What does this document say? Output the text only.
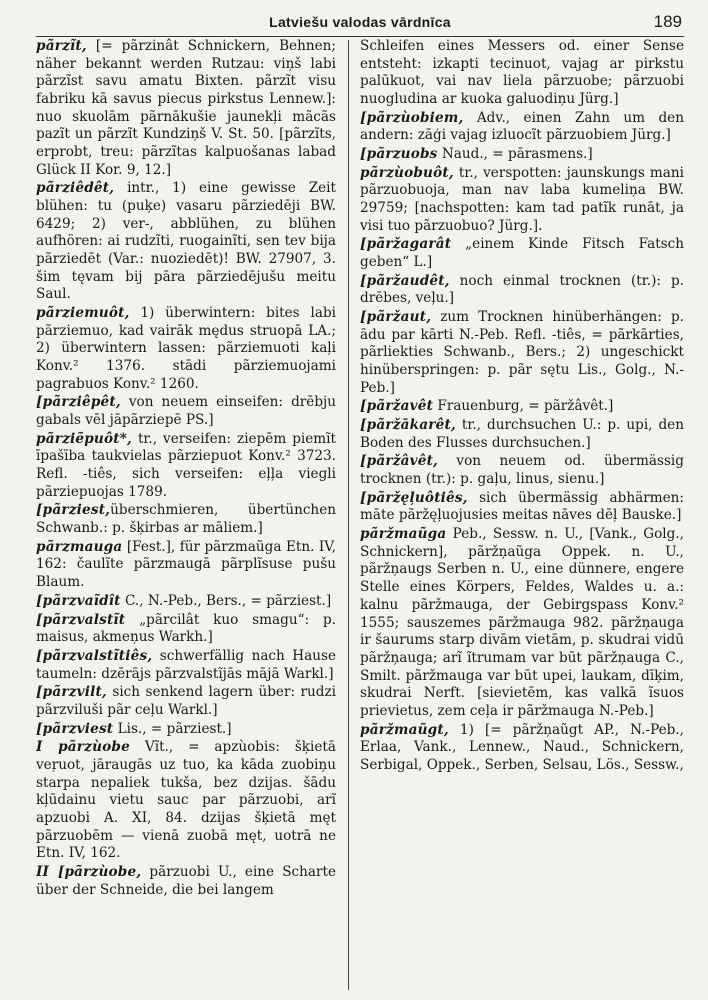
Latviešu valodas vārdnīca	189

pãrzĩt, [= pãrzinât Schnickern, Behnen; näher bekannt werden Rutzau: viņš labi pãrzĩst savu amatu Bixten. pãrzĩt visu fabriku kā savus piecus pirkstus Lennew.]: nuo skuolām pãrnākušie jaunekļi mãcãs pazĩt un pãrzĩt Kundziņš V. St. 50. [pãrzĩts, erprobt, treu: pãrzĩtas kalpuošanas labad Glück II Kor. 9, 12.]

pãrziêdêt, intr., 1) eine gewisse Zeit blühen: tu (puķe) vasaru pãrziedēji BW. 6429; 2) ver-, abblühen, zu blühen aufhören: ai rudzĩti, ruogainĩti, sen tev bija pãrziedēt (Var.: nuoziedēt)! BW. 27907, 3. šim tęvam bij pāra pãrziedējušu meitu Saul.

pãrziemuôt, 1) überwintern: bites labi pãrziemuo, kad vairāk mędus struopā LA.; 2) überwintern lassen: pãrziemuoti kaļi Konv.² 1376. stādi pãrziemuojami pagrabuos Konv.² 1260.

[pãrziêpêt, von neuem einseifen: drēbju gabals vēl jāpãrziepē PS.]

pãrziẽpuôt*, tr., verseifen: ziepēm piemĩt īpašība taukvielas pãrziepuot Konv.² 3723. Refl. -tiês, sich verseifen: eļļa viegli pãrziepuojas 1789.

[pãrziest,überschmieren, übertünchen Schwanb.: p. šķirbas ar māliem.]

pãrzmauga [Fest.], für pãrzmaũga Etn. IV, 162: čaulĩte pãrzmaugā pãrplĩsuse pušu Blaum.

[pãrzvaĩdît C., N.-Peb., Bers., = pãrziest.]

[pãrzvalstĩt „pãrcilât kuo smagu“: p. maisus, akmeņus Warkh.]

[pãrzvalstĩtiês, schwerfällig nach Hause taumeln: dzērājs pãrzvalstĩjās mājā Warkl.]

[pãrzvilt, sich senkend lagern über: rudzi pãrzviluši pãr ceļu Warkl.]

[pãrzviest Lis., = pãrziest.]

I pãrzùobe Vĩt., = apzùobis: šķietā veŗuot, jāraugās uz tuo, ka kāda zuobiņu starpa nepaliek tukša, bez dzijas. šādu kļūdainu vietu sauc par pãrzuobi, arĩ apzuobi A. XI, 84. dzijas šķietā męt pãrzuobēm — vienā zuobā męt, uotrā ne Etn. IV, 162.

II [pãrzùobe, pãrzuobi U., eine Scharte über der Schneide, die bei langem

Schleifen eines Messers od. einer Sense entsteht: izkapti tecinuot, vajag ar pirkstu palūkuot, vai nav liela pãrzuobe; pãrzuobi nuogludina ar kuoka galuodiņu Jürg.]

[pãrzùobiem, Adv., einen Zahn um den andern: zāģi vajag izluocĩt pãrzuobiem Jürg.]

[pãrzuobs Naud., = pārasmens.]

pãrzùobuôt, tr., verspotten: jaunskungs mani pãrzuobuoja, man nav laba kumeliņa BW. 29759; [nachspotten: kam tad patĩk runāt, ja visi tuo pãrzuobuo? Jürg.].

[pãržagarât „einem Kinde Fitsch Fatsch geben“ L.]

[pãržaudêt, noch einmal trocknen (tr.): p. drēbes, veļu.]

[pãržaut, zum Trocknen hinüberhängen: p. ādu par kārti N.-Peb. Refl. -tiês, = pãrkārties, pãrliekties Schwanb., Bers.; 2) ungeschickt hinüberspringen: p. pãr sętu Lis., Golg., N.-Peb.]

[pãržavêt Frauenburg, = pãržâvêt.]

[pãržākarêt, tr., durchsuchen U.: p. upi, den Boden des Flusses durchsuchen.]

[pãržâvêt, von neuem od. übermässig trocknen (tr.): p. gaļu, linus, sienu.]

[pãržęļuôtiês, sich übermässig abhärmen: māte pãržęļuojusies meitas nāves dēļ Bauske.]

pãržmaũga Peb., Sessw. n. U., [Vank., Golg., Schnickern], pãržņaũga Oppek. n. U., pãržņaugs Serben n. U., eine dünnere, engere Stelle eines Körpers, Feldes, Waldes u. a.: kalnu pãržmauga, der Gebirgspass Konv.² 1555; sauszemes pãržmauga 982. pãržņauga ir šaurums starp divām vietām, p. skudrai vidū pãržņauga; arĩ ĩtrumam var būt pãržņauga C., Smilt. pãržmauga var būt upei, laukam, dīķim, skudrai Nerft. [sievietēm, kas valkā ĩsuos prievietus, zem ceļa ir pãržmauga N.-Peb.]

pãržmaũgt, 1) [= pãržņaũgt AP., N.-Peb., Erlaa, Vank., Lennew., Naud., Schnickern, Serbigal, Oppek., Serben, Selsau, Lös., Sessw.,
